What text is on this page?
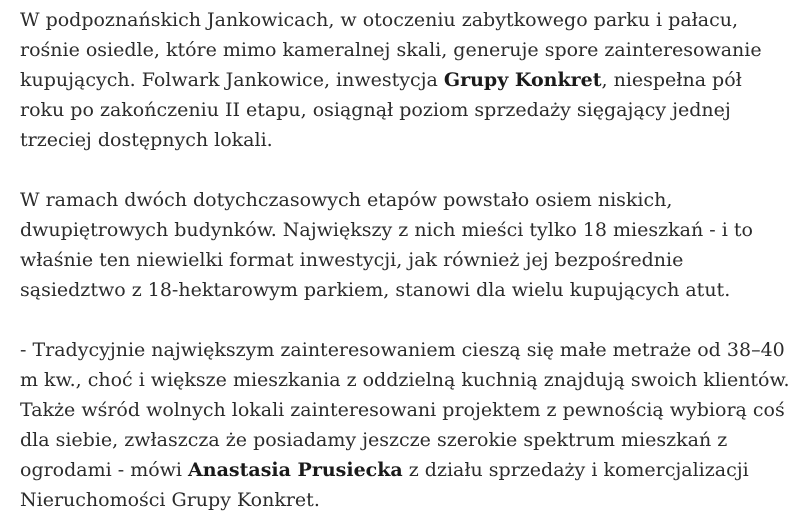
W podpoznańskich Jankowicach, w otoczeniu zabytkowego parku i pałacu, rośnie osiedle, które mimo kameralnej skali, generuje spore zainteresowanie kupujących. Folwark Jankowice, inwestycja Grupy Konkret, niespełna pół roku po zakończeniu II etapu, osiągnął poziom sprzedaży sięgający jednej trzeciej dostępnych lokali.

W ramach dwóch dotychczasowych etapów powstało osiem niskich, dwupiętrowych budynków. Największy z nich mieści tylko 18 mieszkań - i to właśnie ten niewielki format inwestycji, jak również jej bezpośrednie sąsiedztwo z 18-hektarowym parkiem, stanowi dla wielu kupujących atut.

- Tradycyjnie największym zainteresowaniem cieszą się małe metraże od 38–40 m kw., choć i większe mieszkania z oddzielną kuchnią znajdują swoich klientów. Także wśród wolnych lokali zainteresowani projektem z pewnością wybiorą coś dla siebie, zwłaszcza że posiadamy jeszcze szerokie spektrum mieszkań z ogrodami - mówi Anastasia Prusiecka z działu sprzedaży i komercjalizacji Nieruchomości Grupy Konkret.
